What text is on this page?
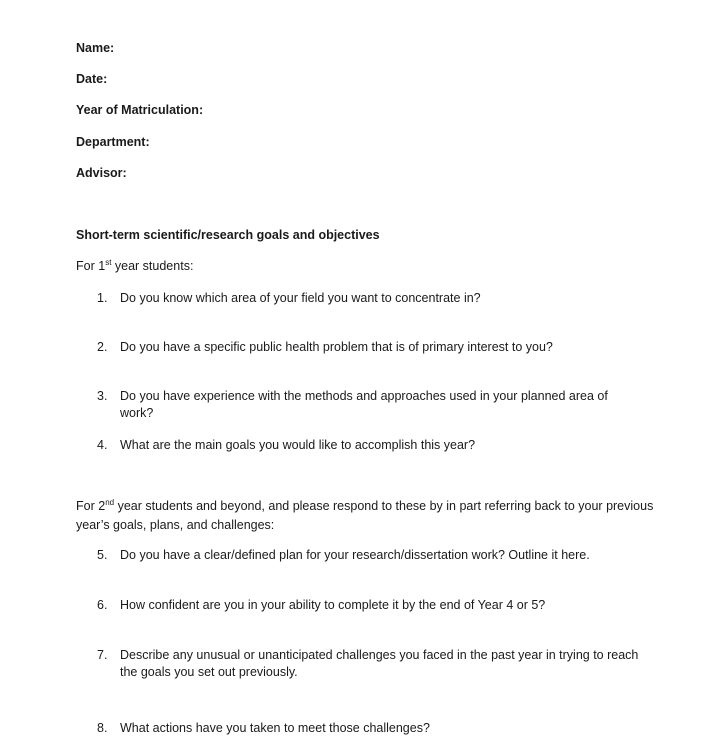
Name:
Date:
Year of Matriculation:
Department:
Advisor:
Short-term scientific/research goals and objectives
For 1st year students:
1. Do you know which area of your field you want to concentrate in?
2. Do you have a specific public health problem that is of primary interest to you?
3. Do you have experience with the methods and approaches used in your planned area of work?
4. What are the main goals you would like to accomplish this year?
For 2nd year students and beyond, and please respond to these by in part referring back to your previous year’s goals, plans, and challenges:
5. Do you have a clear/defined plan for your research/dissertation work? Outline it here.
6. How confident are you in your ability to complete it by the end of Year 4 or 5?
7. Describe any unusual or unanticipated challenges you faced in the past year in trying to reach the goals you set out previously.
8. What actions have you taken to meet those challenges?
